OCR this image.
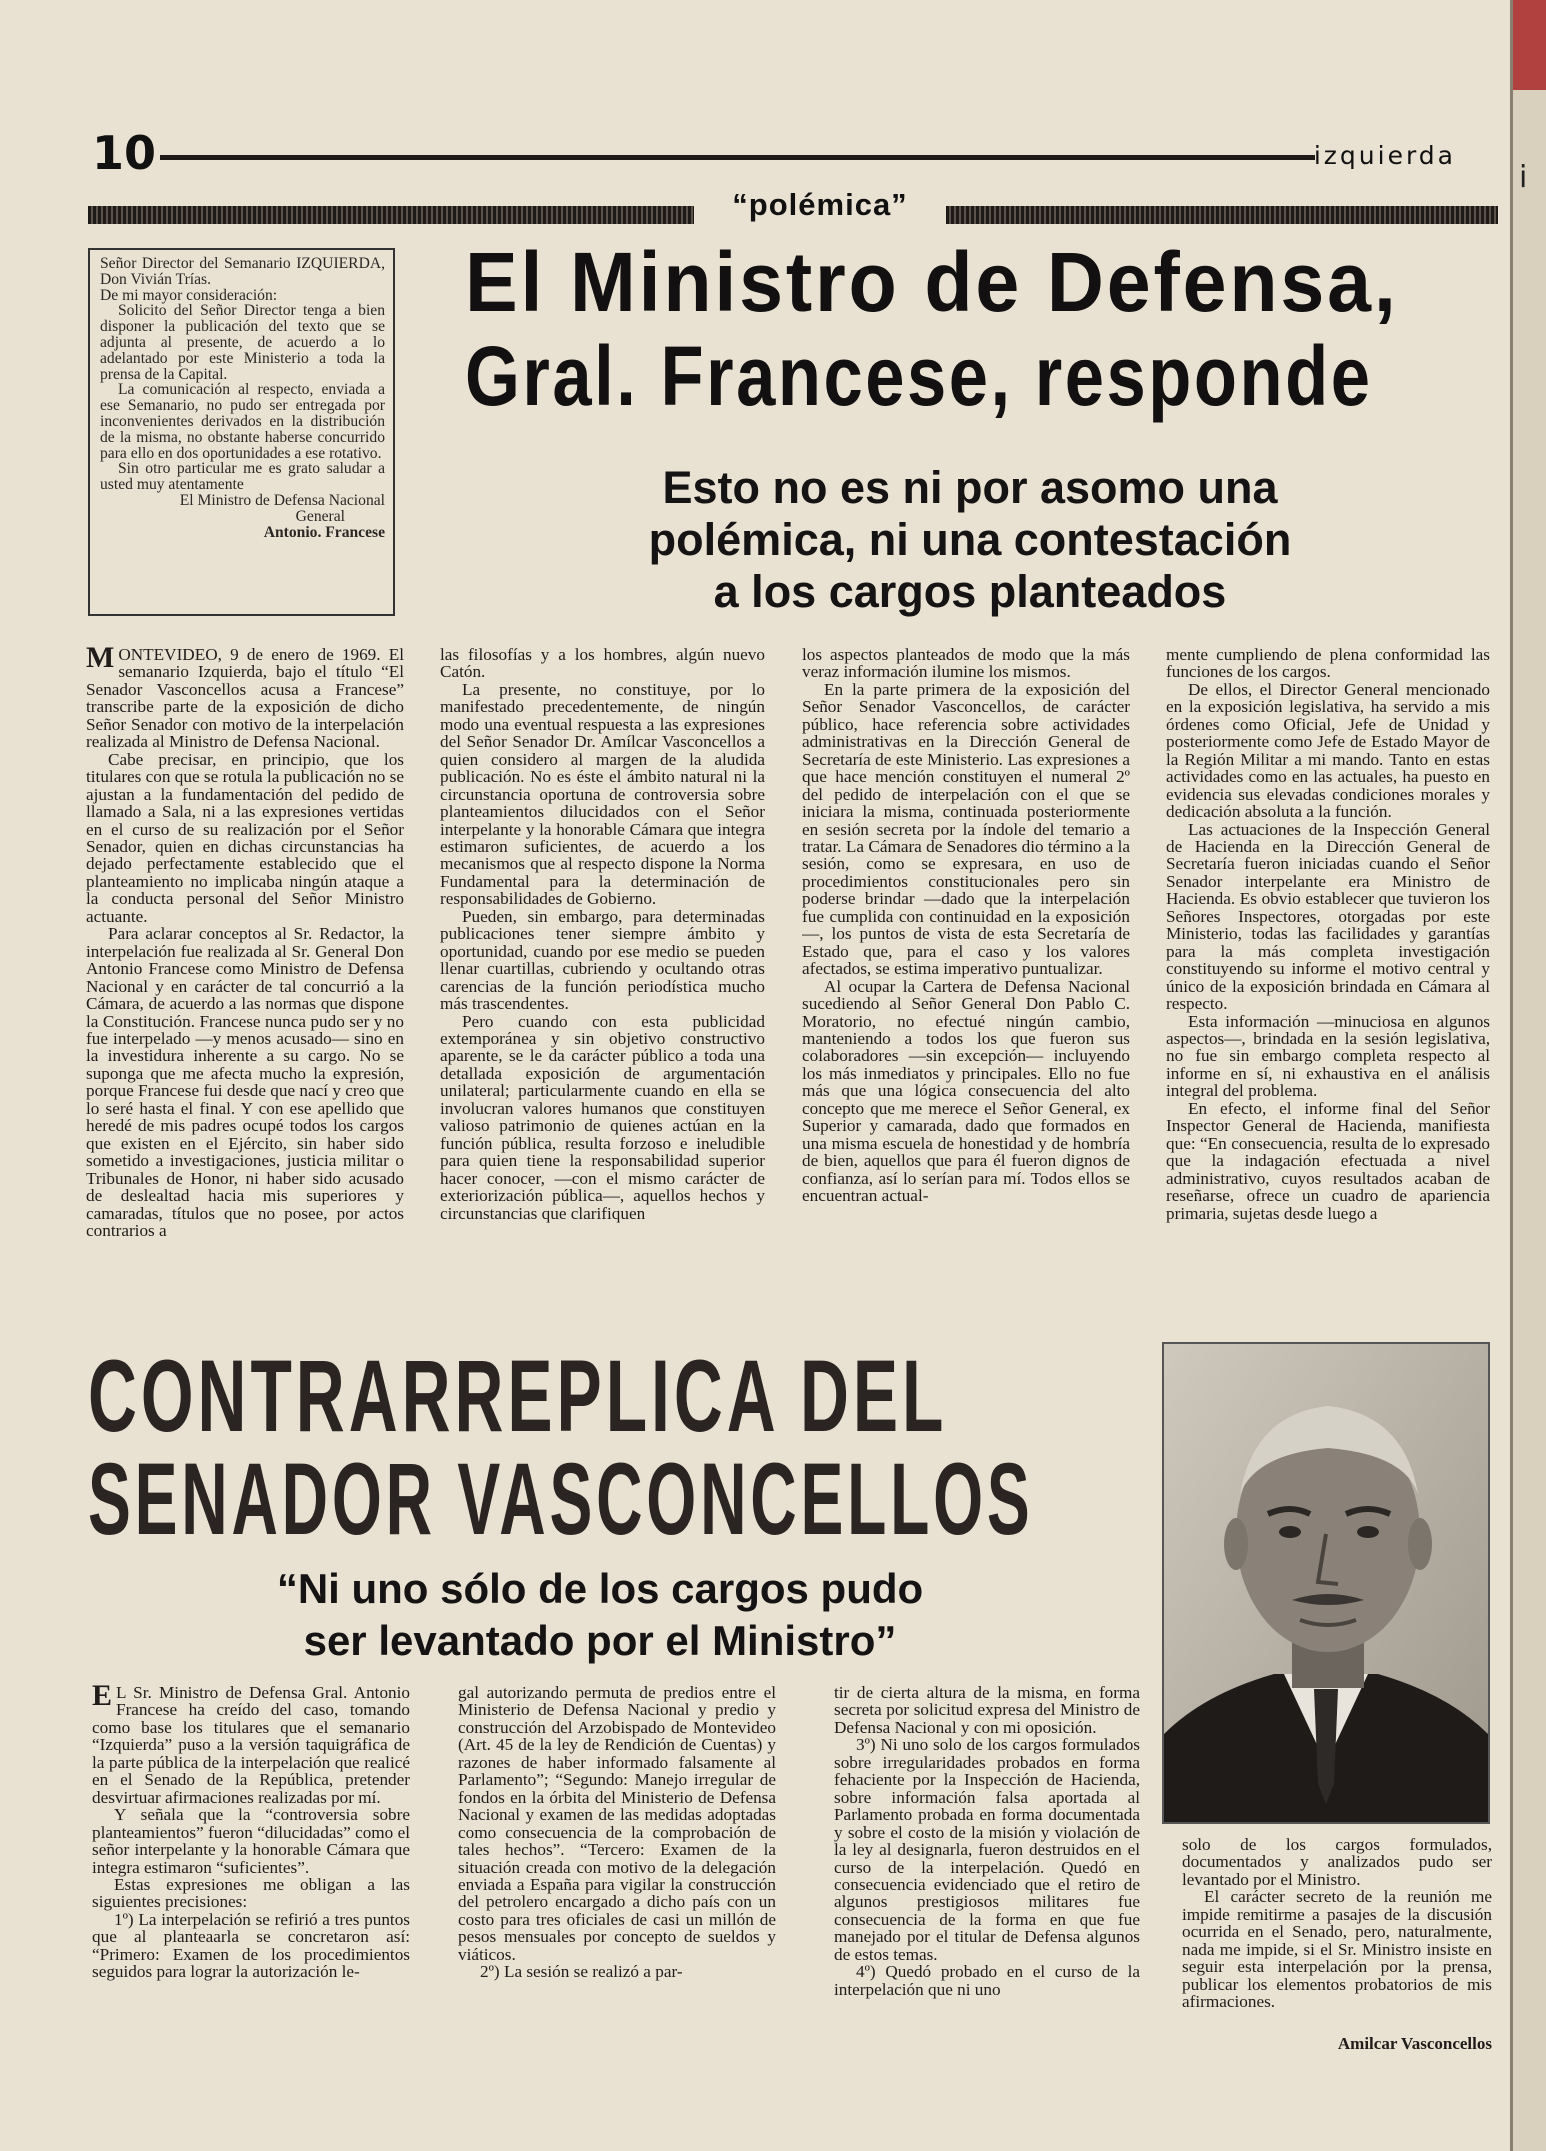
10	izquierda
“polémica”

Señor Director del Semanario IZQUIERDA, Don Vivián Trías.

De mi mayor consideración:

Solicito del Señor Director tenga a bien disponer la publicación del texto que se adjunta al presente, de acuerdo a lo adelantado por este Ministerio a toda la prensa de la Capital.

La comunicación al respecto, enviada a ese Semanario, no pudo ser entregada por inconvenientes derivados en la distribución de la misma, no obstante haberse concurrido para ello en dos oportunidades a ese rotativo.

Sin otro particular me es grato saludar a usted muy atentamente

El Ministro de Defensa Nacional

General

Antonio. Francese

El Ministro de Defensa,
Gral. Francese, responde
Esto no es ni por asomo una
polémica, ni una contestación
a los cargos planteados

MONTEVIDEO, 9 de enero de 1969. El semanario Izquierda, bajo el título “El Senador Vasconcellos acusa a Francese” transcribe parte de la exposición de dicho Señor Senador con motivo de la interpelación realizada al Ministro de Defensa Nacional.

Cabe precisar, en principio, que los titulares con que se rotula la publicación no se ajustan a la fundamentación del pedido de llamado a Sala, ni a las expresiones vertidas en el curso de su realización por el Señor Senador, quien en dichas circunstancias ha dejado perfectamente establecido que el planteamiento no implicaba ningún ataque a la conducta personal del Señor Ministro actuante.

Para aclarar conceptos al Sr. Redactor, la interpelación fue realizada al Sr. General Don Antonio Francese como Ministro de Defensa Nacional y en carácter de tal concurrió a la Cámara, de acuerdo a las normas que dispone la Constitución. Francese nunca pudo ser y no fue interpelado —y menos acusado— sino en la investidura inherente a su cargo. No se suponga que me afecta mucho la expresión, porque Francese fui desde que nací y creo que lo seré hasta el final. Y con ese apellido que heredé de mis padres ocupé todos los cargos que existen en el Ejército, sin haber sido sometido a investigaciones, justicia militar o Tribunales de Honor, ni haber sido acusado de deslealtad hacia mis superiores y camaradas, títulos que no posee, por actos contrarios a

las filosofías y a los hombres, algún nuevo Catón.

La presente, no constituye, por lo manifestado precedentemente, de ningún modo una eventual respuesta a las expresiones del Señor Senador Dr. Amílcar Vasconcellos a quien considero al margen de la aludida publicación. No es éste el ámbito natural ni la circunstancia oportuna de controversia sobre planteamientos dilucidados con el Señor interpelante y la honorable Cámara que integra estimaron suficientes, de acuerdo a los mecanismos que al respecto dispone la Norma Fundamental para la determinación de responsabilidades de Gobierno.

Pueden, sin embargo, para determinadas publicaciones tener siempre ámbito y oportunidad, cuando por ese medio se pueden llenar cuartillas, cubriendo y ocultando otras carencias de la función periodística mucho más trascendentes.

Pero cuando con esta publicidad extemporánea y sin objetivo constructivo aparente, se le da carácter público a toda una detallada exposición de argumentación unilateral; particularmente cuando en ella se involucran valores humanos que constituyen valioso patrimonio de quienes actúan en la función pública, resulta forzoso e ineludible para quien tiene la responsabilidad superior hacer conocer, —con el mismo carácter de exteriorización pública—, aquellos hechos y circunstancias que clarifiquen

los aspectos planteados de modo que la más veraz información ilumine los mismos.

En la parte primera de la exposición del Señor Senador Vasconcellos, de carácter público, hace referencia sobre actividades administrativas en la Dirección General de Secretaría de este Ministerio. Las expresiones a que hace mención constituyen el numeral 2º del pedido de interpelación con el que se iniciara la misma, continuada posteriormente en sesión secreta por la índole del temario a tratar. La Cámara de Senadores dio término a la sesión, como se expresara, en uso de procedimientos constitucionales pero sin poderse brindar —dado que la interpelación fue cumplida con continuidad en la exposición—, los puntos de vista de esta Secretaría de Estado que, para el caso y los valores afectados, se estima imperativo puntualizar.

Al ocupar la Cartera de Defensa Nacional sucediendo al Señor General Don Pablo C. Moratorio, no efectué ningún cambio, manteniendo a todos los que fueron sus colaboradores —sin excepción— incluyendo los más inmediatos y principales. Ello no fue más que una lógica consecuencia del alto concepto que me merece el Señor General, ex Superior y camarada, dado que formados en una misma escuela de honestidad y de hombría de bien, aquellos que para él fueron dignos de confianza, así lo serían para mí. Todos ellos se encuentran actual-

mente cumpliendo de plena conformidad las funciones de los cargos.

De ellos, el Director General mencionado en la exposición legislativa, ha servido a mis órdenes como Oficial, Jefe de Unidad y posteriormente como Jefe de Estado Mayor de la Región Militar a mi mando. Tanto en estas actividades como en las actuales, ha puesto en evidencia sus elevadas condiciones morales y dedicación absoluta a la función.

Las actuaciones de la Inspección General de Hacienda en la Dirección General de Secretaría fueron iniciadas cuando el Señor Senador interpelante era Ministro de Hacienda. Es obvio establecer que tuvieron los Señores Inspectores, otorgadas por este Ministerio, todas las facilidades y garantías para la más completa investigación constituyendo su informe el motivo central y único de la exposición brindada en Cámara al respecto.

Esta información —minuciosa en algunos aspectos—, brindada en la sesión legislativa, no fue sin embargo completa respecto al informe en sí, ni exhaustiva en el análisis integral del problema.

En efecto, el informe final del Señor Inspector General de Hacienda, manifiesta que: “En consecuencia, resulta de lo expresado que la indagación efectuada a nivel administrativo, cuyos resultados acaban de reseñarse, ofrece un cuadro de apariencia primaria, sujetas desde luego a

CONTRARREPLICA DEL
SENADOR VASCONCELLOS
“Ni uno sólo de los cargos pudo
ser levantado por el Ministro”

E L Sr. Ministro de Defensa Gral. Antonio Francese ha creído del caso, tomando como base los titulares que el semanario “Izquierda” puso a la versión taquigráfica de la parte pública de la interpelación que realicé en el Senado de la República, pretender desvirtuar afirmaciones realizadas por mí.

Y señala que la “controversia sobre planteamientos” fueron “dilucidadas” como el señor interpelante y la honorable Cámara que integra estimaron “suficientes”.

Estas expresiones me obligan a las siguientes precisiones:

1º) La interpelación se refirió a tres puntos que al planteaarla se concretaron así: “Primero: Examen de los procedimientos seguidos para lograr la autorización le-

gal autorizando permuta de predios entre el Ministerio de Defensa Nacional y predio y construcción del Arzobispado de Montevideo (Art. 45 de la ley de Rendición de Cuentas) y razones de haber informado falsamente al Parlamento”; “Segundo: Manejo irregular de fondos en la órbita del Ministerio de Defensa Nacional y examen de las medidas adoptadas como consecuencia de la comprobación de tales hechos”. “Tercero: Examen de la situación creada con motivo de la delegación enviada a España para vigilar la construcción del petrolero encargado a dicho país con un costo para tres oficiales de casi un millón de pesos mensuales por concepto de sueldos y viáticos.

2º) La sesión se realizó a par-

tir de cierta altura de la misma, en forma secreta por solicitud expresa del Ministro de Defensa Nacional y con mi oposición.

3º) Ni uno solo de los cargos formulados sobre irregularidades probados en forma fehaciente por la Inspección de Hacienda, sobre información falsa aportada al Parlamento probada en forma documentada y sobre el costo de la misión y violación de la ley al designarla, fueron destruidos en el curso de la interpelación. Quedó en consecuencia evidenciado que el retiro de algunos prestigiosos militares fue consecuencia de la forma en que fue manejado por el titular de Defensa algunos de estos temas.

4º) Quedó probado en el curso de la interpelación que ni uno

solo de los cargos formulados, documentados y analizados pudo ser levantado por el Ministro.

El carácter secreto de la reunión me impide remitirme a pasajes de la discusión ocurrida en el Senado, pero, naturalmente, nada me impide, si el Sr. Ministro insiste en seguir esta interpelación por la prensa, publicar los elementos probatorios de mis afirmaciones.

Amilcar Vasconcellos
i
